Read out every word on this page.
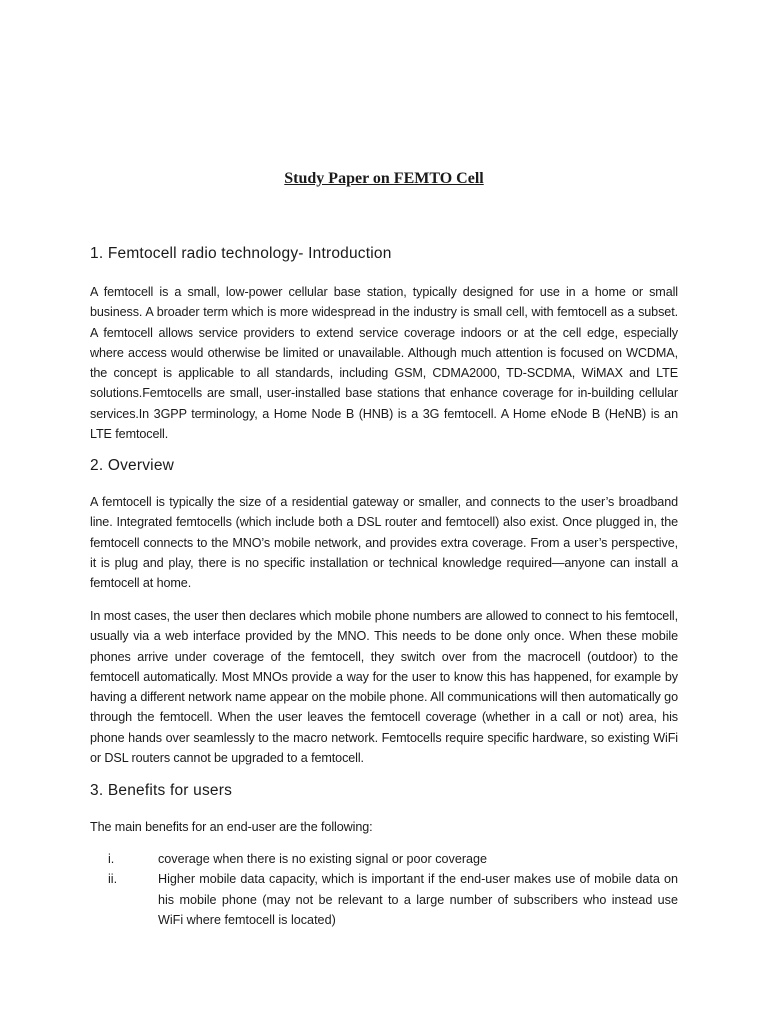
Study Paper on FEMTO Cell
1. Femtocell radio technology- Introduction
A femtocell is a small, low-power cellular base station, typically designed for use in a home or small business. A broader term which is more widespread in the industry is small cell, with femtocell as a subset. A femtocell allows service providers to extend service coverage indoors or at the cell edge, especially where access would otherwise be limited or unavailable. Although much attention is focused on WCDMA, the concept is applicable to all standards, including GSM, CDMA2000, TD-SCDMA, WiMAX and LTE solutions.Femtocells are small, user-installed base stations that enhance coverage for in-building cellular services.In 3GPP terminology, a Home Node B (HNB) is a 3G femtocell. A Home eNode B (HeNB) is an LTE femtocell.
2. Overview
A femtocell is typically the size of a residential gateway or smaller, and connects to the user’s broadband line. Integrated femtocells (which include both a DSL router and femtocell) also exist. Once plugged in, the femtocell connects to the MNO’s mobile network, and provides extra coverage. From a user’s perspective, it is plug and play, there is no specific installation or technical knowledge required—anyone can install a femtocell at home.
In most cases, the user then declares which mobile phone numbers are allowed to connect to his femtocell, usually via a web interface provided by the MNO. This needs to be done only once. When these mobile phones arrive under coverage of the femtocell, they switch over from the macrocell (outdoor) to the femtocell automatically. Most MNOs provide a way for the user to know this has happened, for example by having a different network name appear on the mobile phone. All communications will then automatically go through the femtocell. When the user leaves the femtocell coverage (whether in a call or not) area, his phone hands over seamlessly to the macro network. Femtocells require specific hardware, so existing WiFi or DSL routers cannot be upgraded to a femtocell.
3. Benefits for users
The main benefits for an end-user are the following:
i.	coverage when there is no existing signal or poor coverage
ii.	Higher mobile data capacity, which is important if the end-user makes use of mobile data on his mobile phone (may not be relevant to a large number of subscribers who instead use WiFi where femtocell is located)
